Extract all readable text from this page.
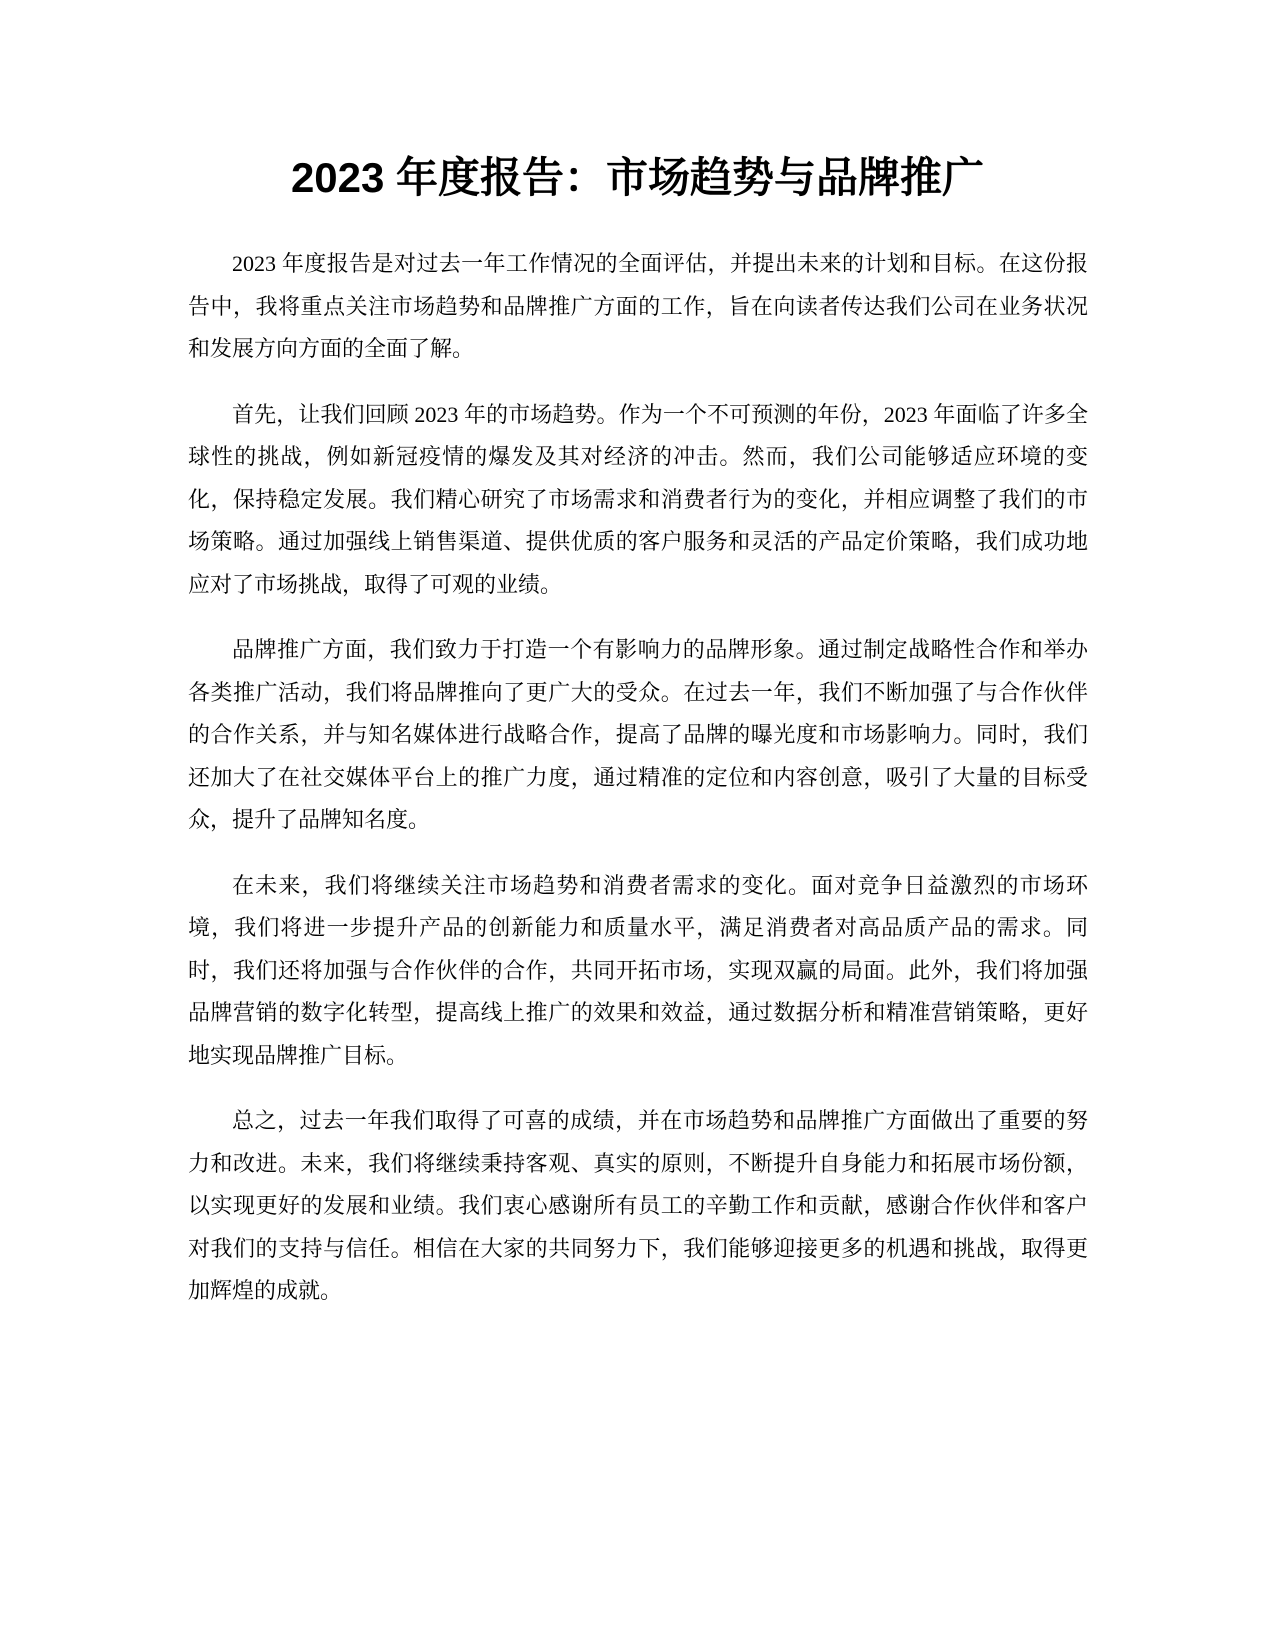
2023 年度报告：市场趋势与品牌推广

2023 年度报告是对过去一年工作情况的全面评估，并提出未来的计划和目标。在这份报告中，我将重点关注市场趋势和品牌推广方面的工作，旨在向读者传达我们公司在业务状况和发展方向方面的全面了解。

首先，让我们回顾 2023 年的市场趋势。作为一个不可预测的年份，2023 年面临了许多全球性的挑战，例如新冠疫情的爆发及其对经济的冲击。然而，我们公司能够适应环境的变化，保持稳定发展。我们精心研究了市场需求和消费者行为的变化，并相应调整了我们的市场策略。通过加强线上销售渠道、提供优质的客户服务和灵活的产品定价策略，我们成功地应对了市场挑战，取得了可观的业绩。

品牌推广方面，我们致力于打造一个有影响力的品牌形象。通过制定战略性合作和举办各类推广活动，我们将品牌推向了更广大的受众。在过去一年，我们不断加强了与合作伙伴的合作关系，并与知名媒体进行战略合作，提高了品牌的曝光度和市场影响力。同时，我们还加大了在社交媒体平台上的推广力度，通过精准的定位和内容创意，吸引了大量的目标受众，提升了品牌知名度。

在未来，我们将继续关注市场趋势和消费者需求的变化。面对竞争日益激烈的市场环境，我们将进一步提升产品的创新能力和质量水平，满足消费者对高品质产品的需求。同时，我们还将加强与合作伙伴的合作，共同开拓市场，实现双赢的局面。此外，我们将加强品牌营销的数字化转型，提高线上推广的效果和效益，通过数据分析和精准营销策略，更好地实现品牌推广目标。

总之，过去一年我们取得了可喜的成绩，并在市场趋势和品牌推广方面做出了重要的努力和改进。未来，我们将继续秉持客观、真实的原则，不断提升自身能力和拓展市场份额，以实现更好的发展和业绩。我们衷心感谢所有员工的辛勤工作和贡献，感谢合作伙伴和客户对我们的支持与信任。相信在大家的共同努力下，我们能够迎接更多的机遇和挑战，取得更加辉煌的成就。
